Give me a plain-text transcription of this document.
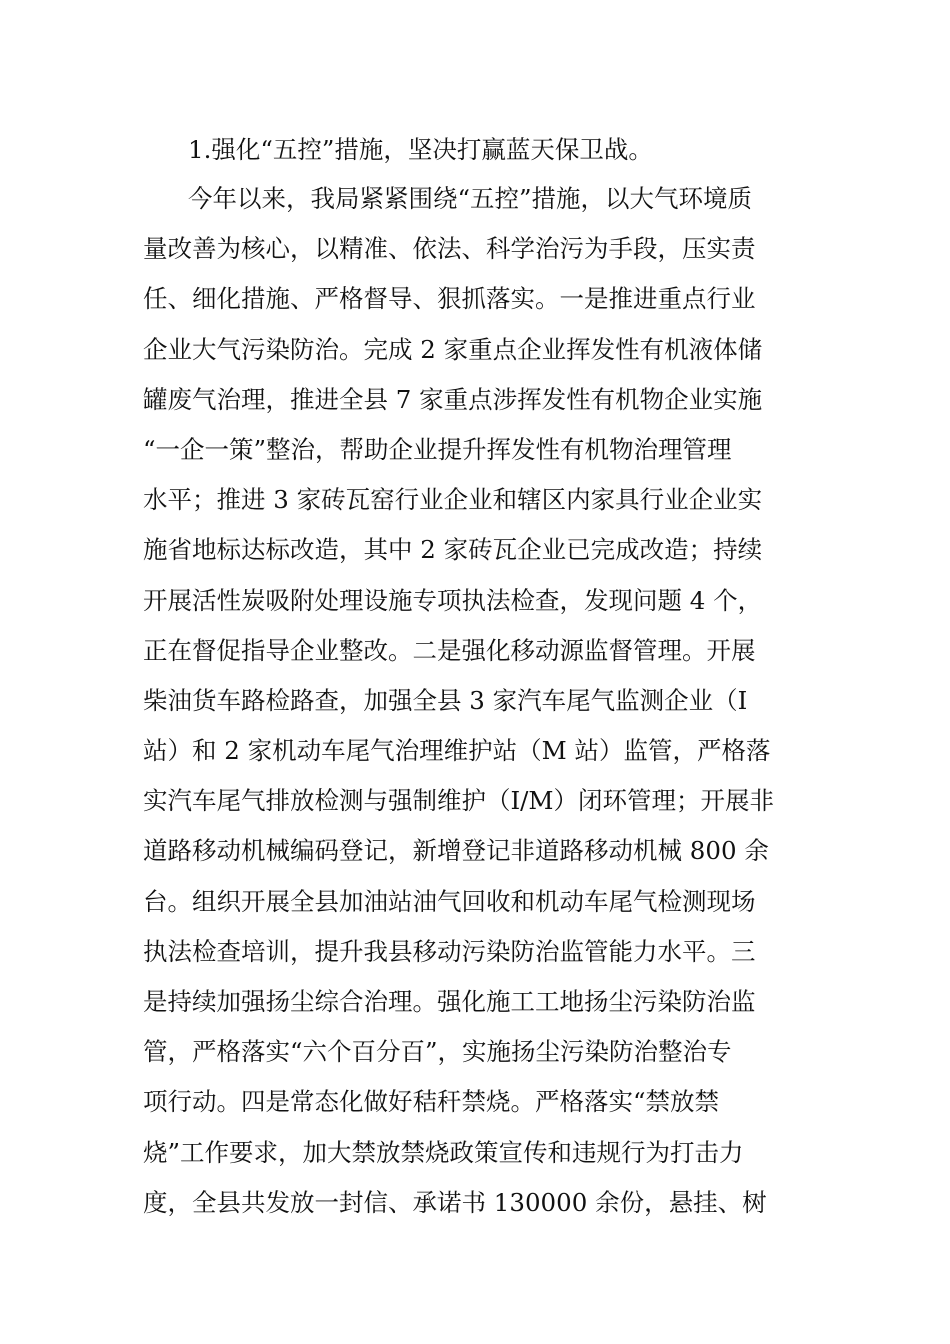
1.强化“五控”措施，坚决打赢蓝天保卫战。
今年以来，我局紧紧围绕“五控”措施，以大气环境质
量改善为核心，以精准、依法、科学治污为手段，压实责
任、细化措施、严格督导、狠抓落实。一是推进重点行业
企业大气污染防治。完成 2 家重点企业挥发性有机液体储
罐废气治理，推进全县 7 家重点涉挥发性有机物企业实施
“一企一策”整治，帮助企业提升挥发性有机物治理管理
水平；推进 3 家砖瓦窑行业企业和辖区内家具行业企业实
施省地标达标改造，其中 2 家砖瓦企业已完成改造；持续
开展活性炭吸附处理设施专项执法检查，发现问题 4 个，
正在督促指导企业整改。二是强化移动源监督管理。开展
柴油货车路检路查，加强全县 3 家汽车尾气监测企业（I
站）和 2 家机动车尾气治理维护站（M 站）监管，严格落
实汽车尾气排放检测与强制维护（I/M）闭环管理；开展非
道路移动机械编码登记，新增登记非道路移动机械 800 余
台。组织开展全县加油站油气回收和机动车尾气检测现场
执法检查培训，提升我县移动污染防治监管能力水平。三
是持续加强扬尘综合治理。强化施工工地扬尘污染防治监
管，严格落实“六个百分百”，实施扬尘污染防治整治专
项行动。四是常态化做好秸秆禁烧。严格落实“禁放禁
烧”工作要求，加大禁放禁烧政策宣传和违规行为打击力
度，全县共发放一封信、承诺书 130000 余份，悬挂、树
